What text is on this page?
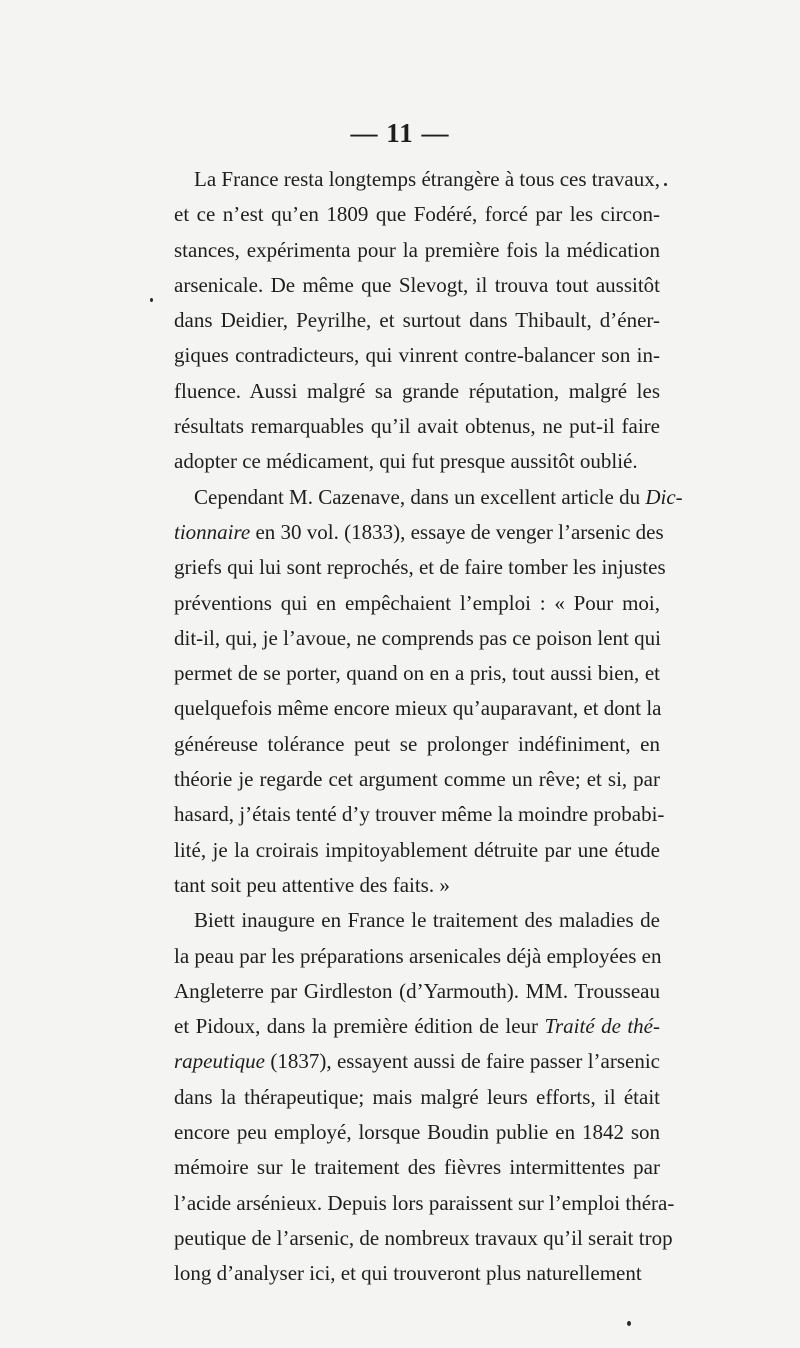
— 11 —
La France resta longtemps étrangère à tous ces travaux,
et ce n’est qu’en 1809 que Fodéré, forcé par les circon-
stances, expérimenta pour la première fois la médication
arsenicale. De même que Slevogt, il trouva tout aussitôt
dans Deidier, Peyrilhe, et surtout dans Thibault, d’éner-
giques contradicteurs, qui vinrent contre-balancer son in-
fluence. Aussi malgré sa grande réputation, malgré les
résultats remarquables qu’il avait obtenus, ne put-il faire
adopter ce médicament, qui fut presque aussitôt oublié.
Cependant M. Cazenave, dans un excellent article du Dic-
tionnaire en 30 vol. (1833), essaye de venger l’arsenic des
griefs qui lui sont reprochés, et de faire tomber les injustes
préventions qui en empêchaient l’emploi : « Pour moi,
dit-il, qui, je l’avoue, ne comprends pas ce poison lent qui
permet de se porter, quand on en a pris, tout aussi bien, et
quelquefois même encore mieux qu’auparavant, et dont la
généreuse tolérance peut se prolonger indéfiniment, en
théorie je regarde cet argument comme un rêve; et si, par
hasard, j’étais tenté d’y trouver même la moindre probabi-
lité, je la croirais impitoyablement détruite par une étude
tant soit peu attentive des faits. »
Biett inaugure en France le traitement des maladies de
la peau par les préparations arsenicales déjà employées en
Angleterre par Girdleston (d’Yarmouth). MM. Trousseau
et Pidoux, dans la première édition de leur Traité de thé-
rapeutique (1837), essayent aussi de faire passer l’arsenic
dans la thérapeutique; mais malgré leurs efforts, il était
encore peu employé, lorsque Boudin publie en 1842 son
mémoire sur le traitement des fièvres intermittentes par
l’acide arsénieux. Depuis lors paraissent sur l’emploi théra-
peutique de l’arsenic, de nombreux travaux qu’il serait trop
long d’analyser ici, et qui trouveront plus naturellement
